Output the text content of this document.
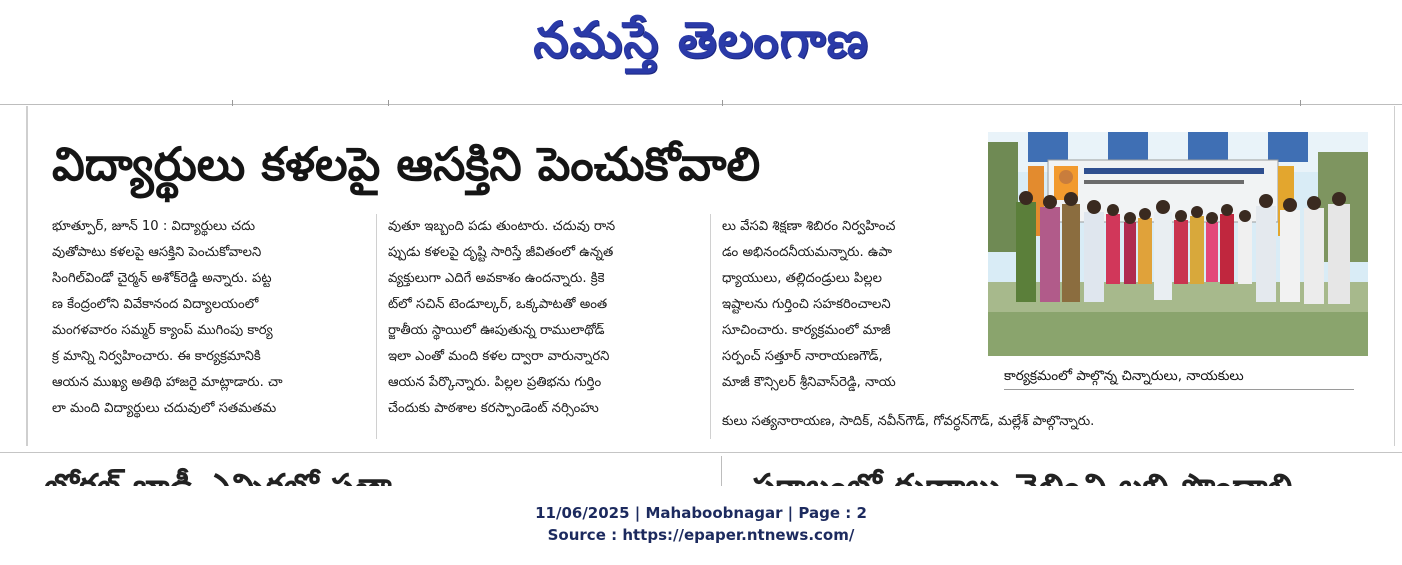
నమస్తే తెలంగాణ
విద్యార్థులు కళలపై ఆసక్తిని పెంచుకోవాలి
భూత్పూర్, జూన్ 10 : విద్యార్థులు చదు
వుతోపాటు కళలపై ఆసక్తిని పెంచుకోవాలని
సింగిల్‌విండో చైర్మన్ అశోక్‌రెడ్డి అన్నారు. పట్ట
ణ కేంద్రంలోని వివేకానంద విద్యాలయంలో
మంగళవారం సమ్మర్ క్యాంప్ ముగింపు కార్య
క్ర మాన్ని నిర్వహించారు. ఈ కార్యక్రమానికి
ఆయన ముఖ్య అతిథి హాజరై మాట్లాడారు. చా
లా మంది విద్యార్థులు చదువులో సతమతమ
వుతూ ఇబ్బంది పడు తుంటారు. చదువు రాన
ప్పుడు కళలపై దృష్టి సారిస్తే జీవితంలో ఉన్నత
వ్యక్తులుగా ఎదిగే అవకాశం ఉందన్నారు. క్రికె
ట్‌లో సచిన్ టెండూల్కర్, ఒక్కపాటతో అంత
ర్జాతీయ స్థాయిలో ఊపుతున్న రాములాథోడ్
ఇలా ఎంతో మంది కళల ద్వారా వారున్నారని
ఆయన పేర్కొన్నారు. పిల్లల ప్రతిభను గుర్తిం
చేందుకు పాఠశాల కరస్పాండెంట్ నర్సింహు
లు వేసవి శిక్షణా శిబిరం నిర్వహించ
డం అభినందనీయమన్నారు. ఉపా
ధ్యాయులు, తల్లిదండ్రులు పిల్లల
ఇష్టాలను గుర్తించి సహకరించాలని
సూచించారు. కార్యక్రమంలో మాజీ
సర్పంచ్ సత్తూర్ నారాయణగౌడ్,
మాజీ కౌన్సిలర్ శ్రీనివాస్‌రెడ్డి, నాయ	కార్యక్రమంలో పాల్గొన్న చిన్నారులు, నాయకులు
కులు సత్యనారాయణ, సాదిక్, నవీన్‌గౌడ్, గోవర్ధన్‌గౌడ్, మల్లేశ్ పాల్గొన్నారు.
11/06/2025 | Mahaboobnagar | Page : 2
Source : https://epaper.ntnews.com/
